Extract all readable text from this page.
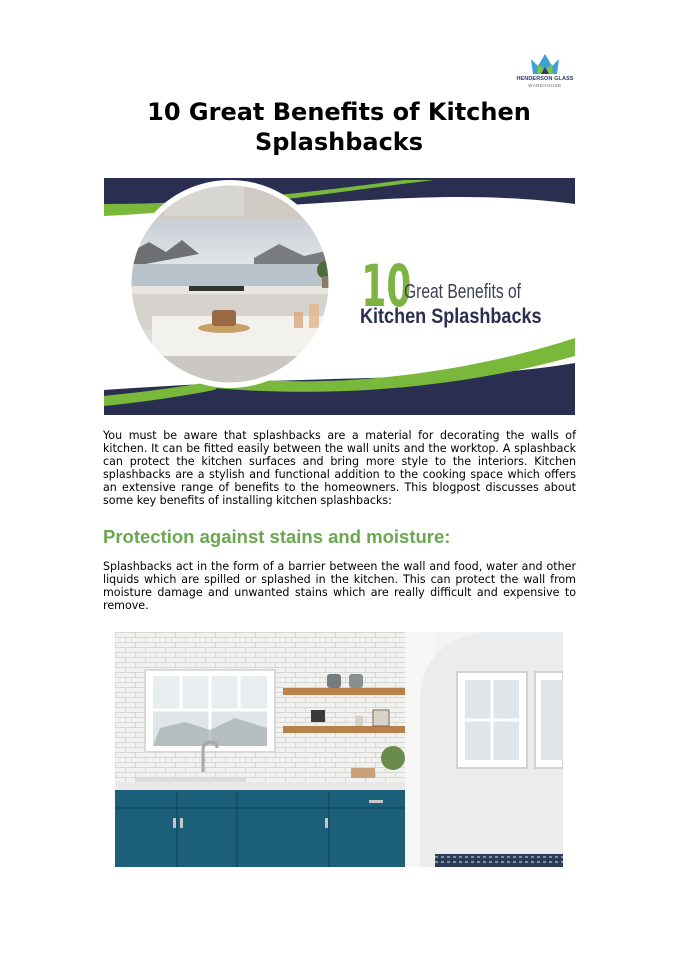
HENDERSON GLASS
WAREHOUSE
10 Great Benefits of Kitchen
Splashbacks
10
Great Benefits of
Kitchen Splashbacks

You must be aware that splashbacks are a material for decorating the walls of kitchen. It can be fitted easily between the wall units and the worktop. A splashback can protect the kitchen surfaces and bring more style to the interiors. Kitchen splashbacks are a stylish and functional addition to the cooking space which offers an extensive range of benefits to the homeowners. This blogpost discusses about some key benefits of installing kitchen splashbacks:

Protection against stains and moisture:

Splashbacks act in the form of a barrier between the wall and food, water and other liquids which are spilled or splashed in the kitchen. This can protect the wall from moisture damage and unwanted stains which are really difficult and expensive to remove.
